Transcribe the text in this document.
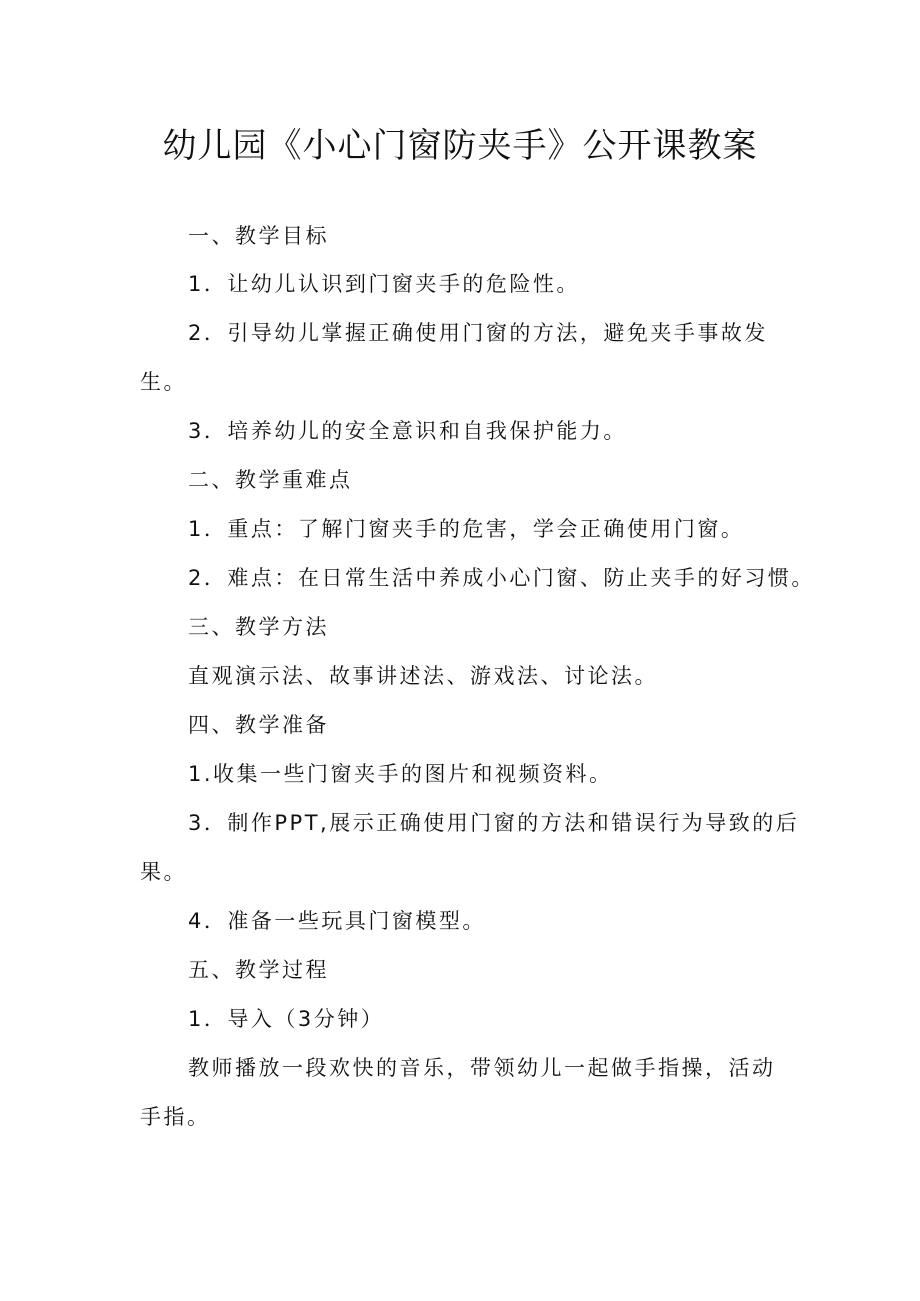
幼儿园《小心门窗防夹手》公开课教案
一、教学目标
1．让幼儿认识到门窗夹手的危险性。
2．引导幼儿掌握正确使用门窗的方法，避免夹手事故发
生。
3．培养幼儿的安全意识和自我保护能力。
二、教学重难点
1．重点：了解门窗夹手的危害，学会正确使用门窗。
2．难点：在日常生活中养成小心门窗、防止夹手的好习惯。
三、教学方法
直观演示法、故事讲述法、游戏法、讨论法。
四、教学准备
1.收集一些门窗夹手的图片和视频资料。
3．制作PPT,展示正确使用门窗的方法和错误行为导致的后
果。
4．准备一些玩具门窗模型。
五、教学过程
1．导入（3分钟）
教师播放一段欢快的音乐，带领幼儿一起做手指操，活动
手指。
